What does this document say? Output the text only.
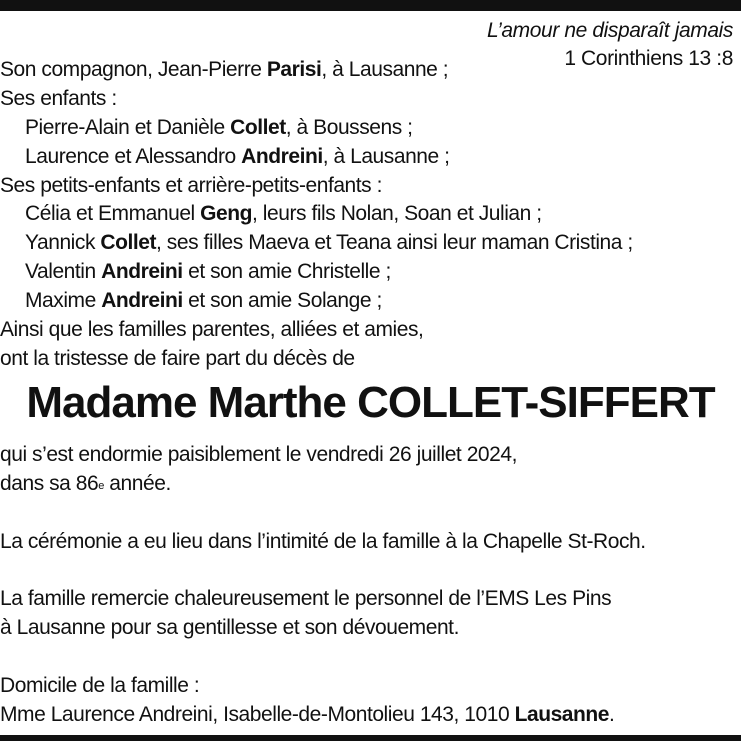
L’amour ne disparaît jamais
1 Corinthiens 13 :8
Son compagnon, Jean-Pierre Parisi, à Lausanne ;
Ses enfants :
Pierre-Alain et Danièle Collet, à Boussens ;
Laurence et Alessandro Andreini, à Lausanne ;
Ses petits-enfants et arrière-petits-enfants :
Célia et Emmanuel Geng, leurs fils Nolan, Soan et Julian ;
Yannick Collet, ses filles Maeva et Teana ainsi leur maman Cristina ;
Valentin Andreini et son amie Christelle ;
Maxime Andreini et son amie Solange ;
Ainsi que les familles parentes, alliées et amies,
ont la tristesse de faire part du décès de
Madame Marthe COLLET-SIFFERT
qui s’est endormie paisiblement le vendredi 26 juillet 2024,
dans sa 86e année.
La cérémonie a eu lieu dans l’intimité de la famille à la Chapelle St-Roch.
La famille remercie chaleureusement le personnel de l’EMS Les Pins
à Lausanne pour sa gentillesse et son dévouement.
Domicile de la famille :
Mme Laurence Andreini, Isabelle-de-Montolieu 143, 1010 Lausanne.
